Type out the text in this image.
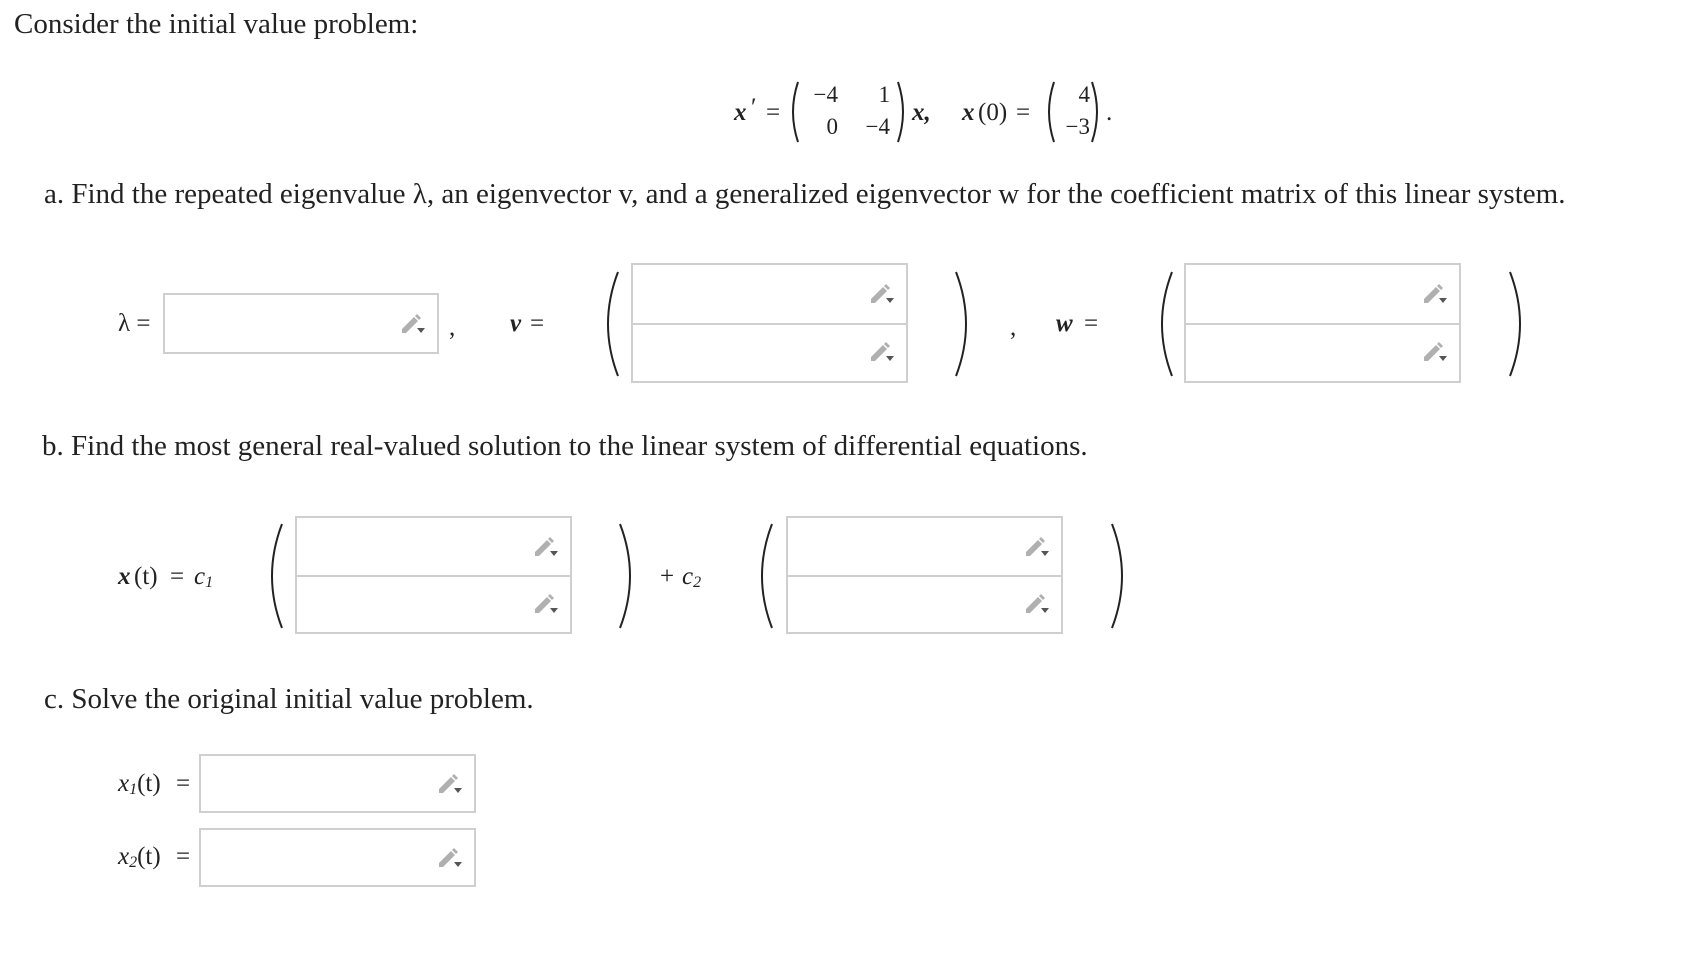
Consider the initial value problem:
x ′ =
−4	1
0	−4
x, x (0) =
4
−3
.
a. Find the repeated eigenvalue λ, an eigenvector v, and a generalized eigenvector w for the coefficient matrix of this linear system.
λ =	, v =	, w =
b. Find the most general real-valued solution to the linear system of differential equations.
x (t) = c1	+ c2
c. Solve the original initial value problem.
x1(t) =
x2(t) =
